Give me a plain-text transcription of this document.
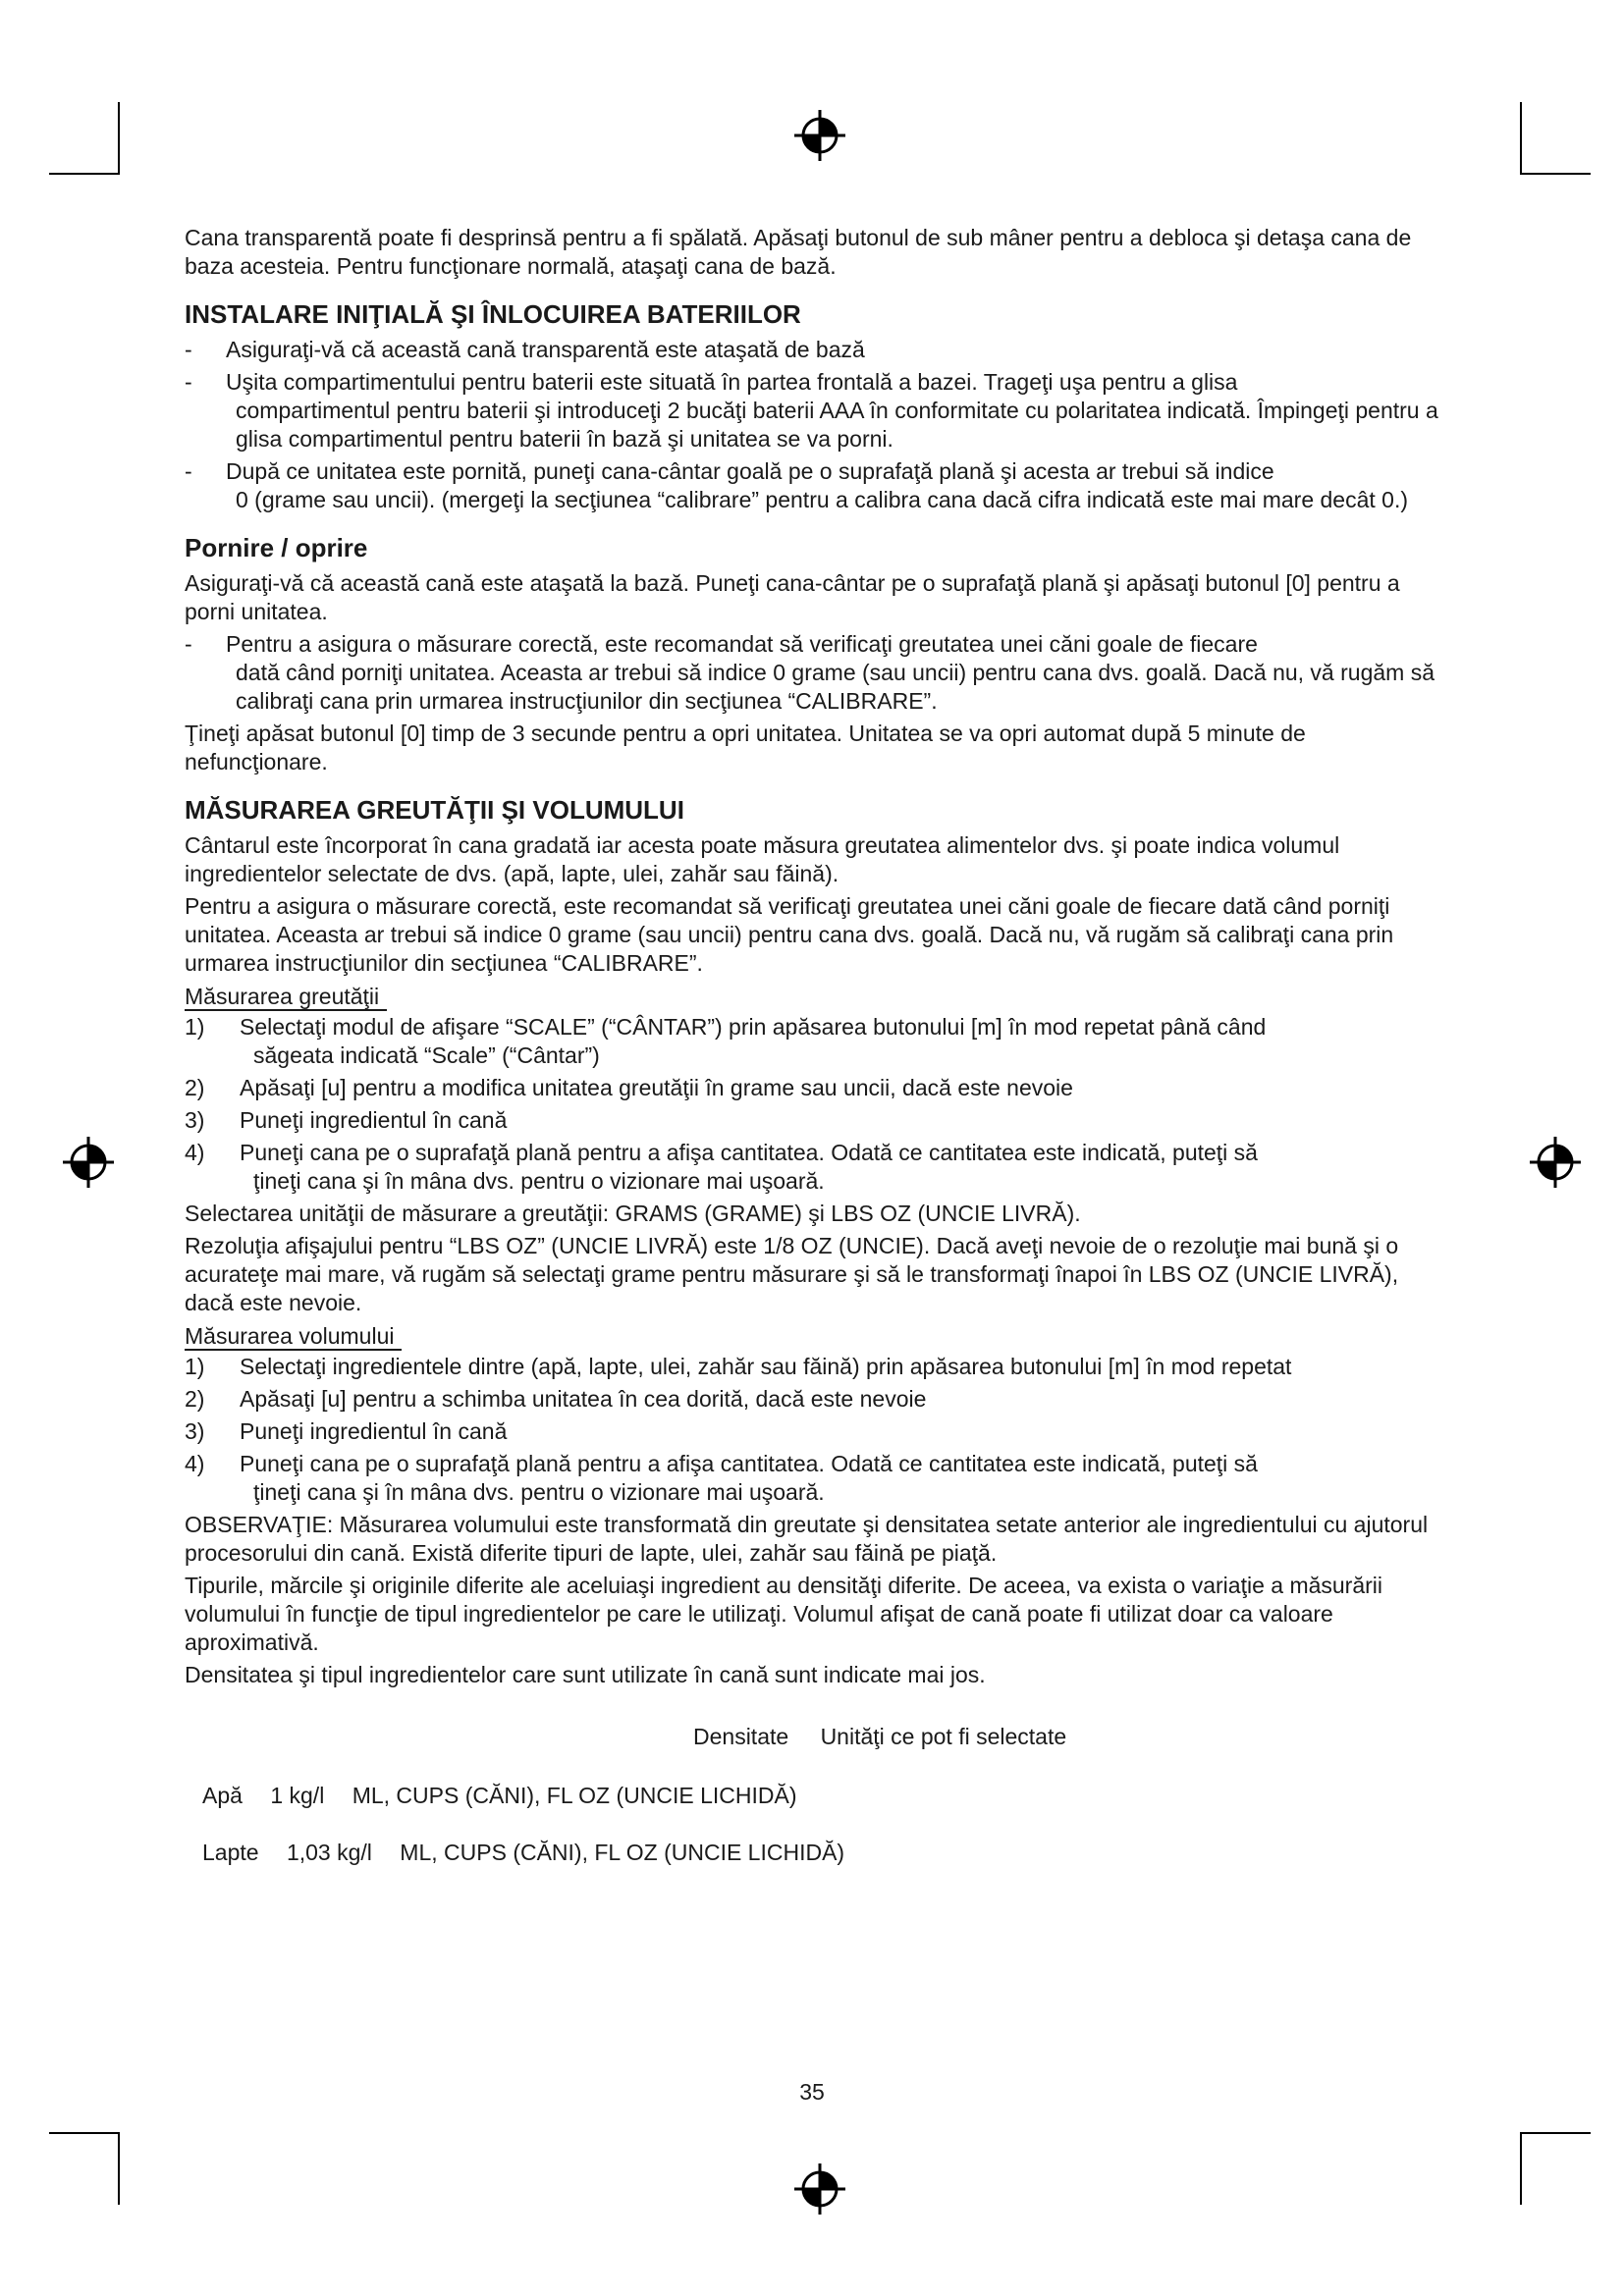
Cana transparentă poate fi desprinsă pentru a fi spălată. Apăsaţi butonul de sub mâner pentru a debloca şi detaşa cana de baza acesteia. Pentru funcţionare normală, ataşaţi cana de bază.

INSTALARE INIŢIALĂ ŞI ÎNLOCUIREA BATERIILOR
-	Asiguraţi-vă că această cană transparentă este ataşată de bază
-	Uşita compartimentului pentru baterii este situată în partea frontală a bazei. Trageţi uşa pentru a glisa
compartimentul pentru baterii şi introduceţi 2 bucăţi baterii AAA în conformitate cu polaritatea indicată. Împingeţi pentru a glisa compartimentul pentru baterii în bază şi unitatea se va porni.
-	După ce unitatea este pornită, puneţi cana-cântar goală pe o suprafaţă plană şi acesta ar trebui să indice
0 (grame sau uncii). (mergeţi la secţiunea “calibrare” pentru a calibra cana dacă cifra indicată este mai mare decât 0.)
Pornire / oprire

Asiguraţi-vă că această cană este ataşată la bază. Puneţi cana-cântar pe o suprafaţă plană şi apăsaţi butonul [0] pentru a porni unitatea.

-	Pentru a asigura o măsurare corectă, este recomandat să verificaţi greutatea unei căni goale de fiecare
dată când porniţi unitatea. Aceasta ar trebui să indice 0 grame (sau uncii) pentru cana dvs. goală. Dacă nu, vă rugăm să calibraţi cana prin urmarea instrucţiunilor din secţiunea “CALIBRARE”.

Ţineţi apăsat butonul [0] timp de 3 secunde pentru a opri unitatea. Unitatea se va opri automat după 5 minute de nefuncţionare.

MĂSURAREA GREUTĂŢII ŞI VOLUMULUI

Cântarul este încorporat în cana gradată iar acesta poate măsura greutatea alimentelor dvs. şi poate indica volumul ingredientelor selectate de dvs. (apă, lapte, ulei, zahăr sau făină).

Pentru a asigura o măsurare corectă, este recomandat să verificaţi greutatea unei căni goale de fiecare dată când porniţi unitatea. Aceasta ar trebui să indice 0 grame (sau uncii) pentru cana dvs. goală. Dacă nu, vă rugăm să calibraţi cana prin urmarea instrucţiunilor din secţiunea “CALIBRARE”.

Măsurarea greutăţii
1)	Selectaţi modul de afişare “SCALE” (“CÂNTAR”) prin apăsarea butonului [m] în mod repetat până când
săgeata indicată “Scale” (“Cântar”)
2)	Apăsaţi [u] pentru a modifica unitatea greutăţii în grame sau uncii, dacă este nevoie
3)	Puneţi ingredientul în cană
4)	Puneţi cana pe o suprafaţă plană pentru a afişa cantitatea. Odată ce cantitatea este indicată, puteţi să
ţineţi cana şi în mâna dvs. pentru o vizionare mai uşoară.

Selectarea unităţii de măsurare a greutăţii: GRAMS (GRAME) şi LBS OZ (UNCIE LIVRĂ).

Rezoluţia afişajului pentru “LBS OZ” (UNCIE LIVRĂ) este 1/8 OZ (UNCIE). Dacă aveţi nevoie de o rezoluţie mai bună şi o acurateţe mai mare, vă rugăm să selectaţi grame pentru măsurare şi să le transformaţi înapoi în LBS OZ (UNCIE LIVRĂ), dacă este nevoie.

Măsurarea volumului
1)	Selectaţi ingredientele dintre (apă, lapte, ulei, zahăr sau făină) prin apăsarea butonului [m] în mod repetat
2)	Apăsaţi [u] pentru a schimba unitatea în cea dorită, dacă este nevoie
3)	Puneţi ingredientul în cană
4)	Puneţi cana pe o suprafaţă plană pentru a afişa cantitatea. Odată ce cantitatea este indicată, puteţi să
ţineţi cana şi în mâna dvs. pentru o vizionare mai uşoară.

OBSERVAŢIE: Măsurarea volumului este transformată din greutate şi densitatea setate anterior ale ingredientului cu ajutorul procesorului din cană. Există diferite tipuri de lapte, ulei, zahăr sau făină pe piaţă.

Tipurile, mărcile şi originile diferite ale aceluiaşi ingredient au densităţi diferite. De aceea, va exista o variaţie a măsurării volumului în funcţie de tipul ingredientelor pe care le utilizaţi. Volumul afişat de cană poate fi utilizat doar ca valoare aproximativă.

Densitatea şi tipul ingredientelor care sunt utilizate în cană sunt indicate mai jos.

Densitate Unităţi ce pot fi selectate
Apă 1 kg/l ML, CUPS (CĂNI), FL OZ (UNCIE LICHIDĂ)
Lapte 1,03 kg/l ML, CUPS (CĂNI), FL OZ (UNCIE LICHIDĂ)
35
